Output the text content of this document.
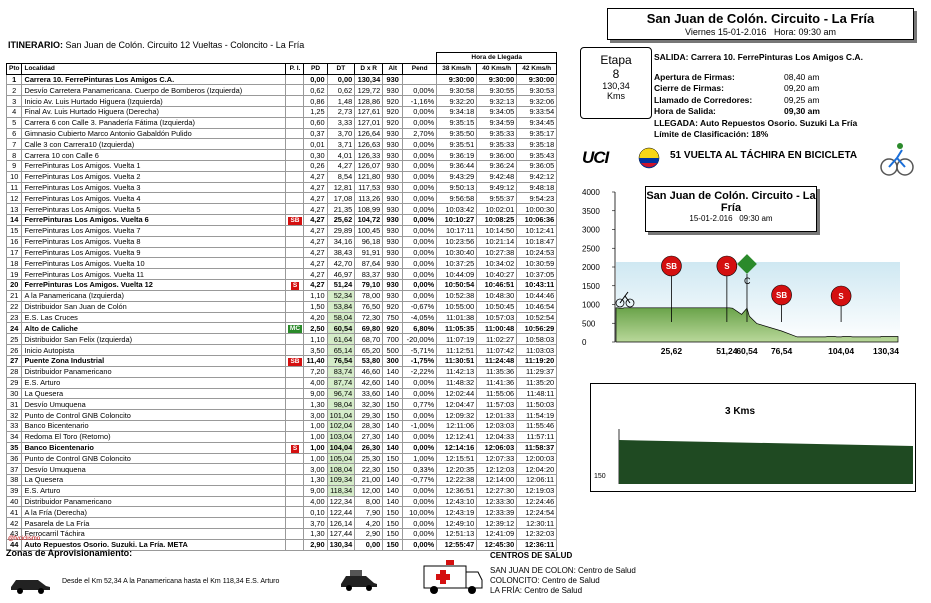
San Juan de Colón. Circuito - La Fría
Viernes 15-01-2.016 Hora: 09:30 am
ITINERARIO: San Juan de Colón. Circuito 12 Vueltas - Coloncito - La Fría
								Hora de Llegada		
Pto	Localidad	P. I.	PD	DT	D x R	Alt	Pend	38 Kms/h	40 Kms/h	42 Kms/h
1	Carrera 10. FerrePinturas Los Amigos C.A.		0,00	0,00	130,34	930		9:30:00	9:30:00	9:30:00
2	Desvío Carretera Panamericana. Cuerpo de Bomberos (Izquierda)		0,62	0,62	129,72	930	0,00%	9:30:58	9:30:55	9:30:53
3	Inicio Av. Luis Hurtado Higuera (Izquierda)		0,86	1,48	128,86	920	-1,16%	9:32:20	9:32:13	9:32:06
4	Final Av. Luis Hurtado Higuera (Derecha)		1,25	2,73	127,61	920	0,00%	9:34:18	9:34:05	9:33:54
5	Carrera 6 con Calle 3. Panadería Fátima (Izquierda)		0,60	3,33	127,01	920	0,00%	9:35:15	9:34:59	9:34:45
6	Gimnasio Cubierto Marco Antonio Gabaldón Pulido		0,37	3,70	126,64	930	2,70%	9:35:50	9:35:33	9:35:17
7	Calle 3 con Carrera10 (Izquierda)		0,01	3,71	126,63	930	0,00%	9:35:51	9:35:33	9:35:18
8	Carrera 10 con Calle 6		0,30	4,01	126,33	930	0,00%	9:36:19	9:36:00	9:35:43
9	FerrePinturas Los Amigos. Vuelta 1		0,26	4,27	126,07	930	0,00%	9:36:44	9:36:24	9:36:05
10	FerrePinturas Los Amigos. Vuelta 2		4,27	8,54	121,80	930	0,00%	9:43:29	9:42:48	9:42:12
11	FerrePinturas Los Amigos. Vuelta 3		4,27	12,81	117,53	930	0,00%	9:50:13	9:49:12	9:48:18
12	FerrePinturas Los Amigos. Vuelta 4		4,27	17,08	113,26	930	0,00%	9:56:58	9:55:37	9:54:23
13	FerrePinturas Los Amigos. Vuelta 5		4,27	21,35	108,99	930	0,00%	10:03:42	10:02:01	10:00:30
14	FerrePinturas Los Amigos. Vuelta 6	SB	4,27	25,62	104,72	930	0,00%	10:10:27	10:08:25	10:06:36
15	FerrePinturas Los Amigos. Vuelta 7		4,27	29,89	100,45	930	0,00%	10:17:11	10:14:50	10:12:41
16	FerrePinturas Los Amigos. Vuelta 8		4,27	34,16	96,18	930	0,00%	10:23:56	10:21:14	10:18:47
17	FerrePinturas Los Amigos. Vuelta 9		4,27	38,43	91,91	930	0,00%	10:30:40	10:27:38	10:24:53
18	FerrePinturas Los Amigos. Vuelta 10		4,27	42,70	87,64	930	0,00%	10:37:25	10:34:02	10:30:59
19	FerrePinturas Los Amigos. Vuelta 11		4,27	46,97	83,37	930	0,00%	10:44:09	10:40:27	10:37:05
20	FerrePinturas Los Amigos. Vuelta 12	S	4,27	51,24	79,10	930	0,00%	10:50:54	10:46:51	10:43:11
21	A la Panamericana (Izquierda)		1,10	52,34	78,00	930	0,00%	10:52:38	10:48:30	10:44:46
22	Distribuidor San Juan de Colón		1,50	53,84	76,50	920	-0,67%	10:55:00	10:50:45	10:46:54
23	E.S. Las Cruces		4,20	58,04	72,30	750	-4,05%	11:01:38	10:57:03	10:52:54
24	Alto de Caliche	MC	2,50	60,54	69,80	920	6,80%	11:05:35	11:00:48	10:56:29
25	Distribuidor San Felix (Izquierda)		1,10	61,64	68,70	700	-20,00%	11:07:19	11:02:27	10:58:03
26	Inicio Autopista		3,50	65,14	65,20	500	-5,71%	11:12:51	11:07:42	11:03:03
27	Puente Zona Industrial	SB	11,40	76,54	53,80	300	-1,75%	11:30:51	11:24:48	11:19:20
28	Distribuidor Panamericano		7,20	83,74	46,60	140	-2,22%	11:42:13	11:35:36	11:29:37
29	E.S. Arturo		4,00	87,74	42,60	140	0,00%	11:48:32	11:41:36	11:35:20
30	La Quesera		9,00	96,74	33,60	140	0,00%	12:02:44	11:55:06	11:48:11
31	Desvío Umuquena		1,30	98,04	32,30	150	0,77%	12:04:47	11:57:03	11:50:03
32	Punto de Control GNB Coloncito		3,00	101,04	29,30	150	0,00%	12:09:32	12:01:33	11:54:19
33	Banco Bicentenario		1,00	102,04	28,30	140	-1,00%	12:11:06	12:03:03	11:55:46
34	Redoma El Toro (Retorno)		1,00	103,04	27,30	140	0,00%	12:12:41	12:04:33	11:57:11
35	Banco Bicentenario	S	1,00	104,04	26,30	140	0,00%	12:14:16	12:06:03	11:58:37
36	Punto de Control GNB Coloncito		1,00	105,04	25,30	150	1,00%	12:15:51	12:07:33	12:00:03
37	Desvío Umuquena		3,00	108,04	22,30	150	0,33%	12:20:35	12:12:03	12:04:20
38	La Quesera		1,30	109,34	21,00	140	-0,77%	12:22:38	12:14:00	12:06:11
39	E.S. Arturo		9,00	118,34	12,00	140	0,00%	12:36:51	12:27:30	12:19:03
40	Distribuidor Panamericano		4,00	122,34	8,00	140	0,00%	12:43:10	12:33:30	12:24:46
41	A la Fría (Derecha)		0,10	122,44	7,90	150	10,00%	12:43:19	12:33:39	12:24:54
42	Pasarela de La Fría		3,70	126,14	4,20	150	0,00%	12:49:10	12:39:12	12:30:11
43	Ferrocarril Táchira		1,30	127,44	2,90	150	0,00%	12:51:13	12:41:09	12:32:03
44	Auto Repuestos Osorio. Suzuki. La Fría. META		2,90	130,34	0,00	150	0,00%	12:55:47	12:45:30	12:36:11
@fvciclismo
Etapa
8
130,34
Kms
SALIDA: Carrera 10. FerrePinturas Los Amigos C.A.
Apertura de Firmas:	08,40 am
Cierre de Firmas:	09,20 am
Llamado de Corredores:	09,25 am
Hora de Salida:	09,30 am
LLEGADA: Auto Repuestos Osorio. Suzuki La Fría
Límite de Clasificación: 18%
UCI	51 VUELTA AL TÁCHIRA EN BICICLETA
4000
3500
3000
2500
2000
1500
1000
500
0
SB	S
C
SB	S
25,62	51,24
60,54 76,54	104,04 130,34
San Juan de Colón. Circuito - La Fría
15-01-2.016 09:30 am
150
3 Kms
Zonas de Aprovisionamiento:
Desde el Km 52,34 A la Panamericana hasta el Km 118,34 E.S. Arturo
CENTROS DE SALUD
SAN JUAN DE COLON: Centro de Salud
COLONCITO: Centro de Salud
LA FRÍA: Centro de Salud
